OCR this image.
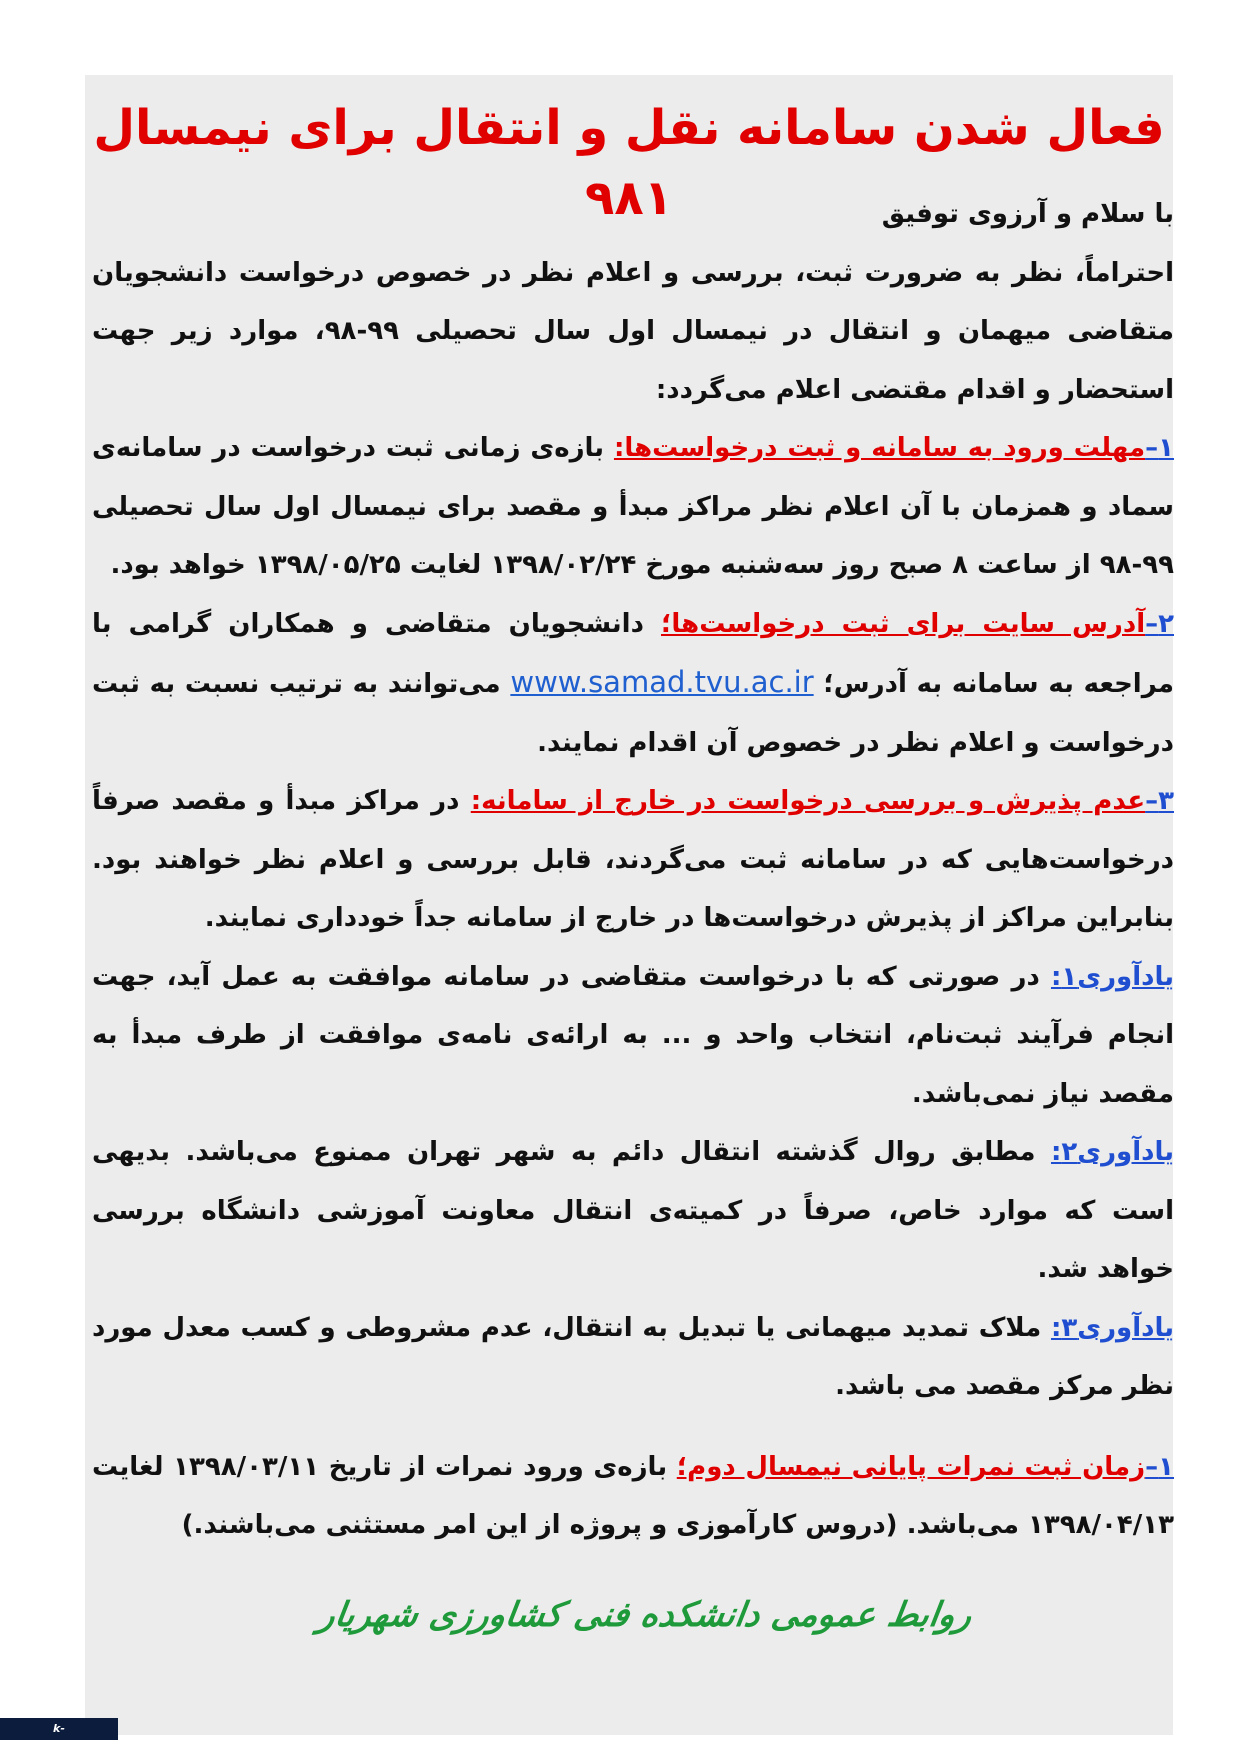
فعال شدن سامانه نقل و انتقال برای نیمسال ۹۸۱	با سلام و آرزوی توفیق

احتراماً، نظر به ضرورت ثبت، بررسی و اعلام نظر در خصوص درخواست دانشجویان متقاضی میهمان و انتقال در نیمسال اول سال تحصیلی ۹۹-۹۸، موارد زیر جهت استحضار و اقدام مقتضی اعلام می‌گردد:

۱–مهلت ورود به سامانه و ثبت درخواست‌ها: بازه‌ی زمانی ثبت درخواست در سامانه‌ی سماد و همزمان با آن اعلام نظر مراکز مبدأ و مقصد برای نیمسال اول سال تحصیلی ۹۹-۹۸ از ساعت ۸ صبح روز سه‌شنبه مورخ ۱۳۹۸/۰۲/۲۴ لغایت ۱۳۹۸/۰۵/۲۵ خواهد بود.

۲–آدرس سایت برای ثبت درخواست‌ها؛ دانشجویان متقاضی و همکاران گرامی با مراجعه به سامانه به آدرس؛ www.samad.tvu.ac.ir می‌توانند به ترتیب نسبت به ثبت درخواست و اعلام نظر در خصوص آن اقدام نمایند.

۳–عدم پذیرش و بررسی درخواست در خارج از سامانه: در مراکز مبدأ و مقصد صرفاً درخواست‌هایی که در سامانه ثبت می‌گردند، قابل بررسی و اعلام نظر خواهند بود. بنابراین مراکز از پذیرش درخواست‌ها در خارج از سامانه جداً خودداری نمایند.

یادآوری۱: در صورتی که با درخواست متقاضی در سامانه موافقت به عمل آید، جهت انجام فرآیند ثبت‌نام، انتخاب واحد و ... به ارائه‌ی نامه‌ی موافقت از طرف مبدأ به مقصد نیاز نمی‌باشد.

یادآوری۲: مطابق روال گذشته انتقال دائم به شهر تهران ممنوع می‌باشد. بدیهی است که موارد خاص، صرفاً در کمیته‌ی انتقال معاونت آموزشی دانشگاه بررسی خواهد شد.

یادآوری۳: ملاک تمدید میهمانی یا تبدیل به انتقال، عدم مشروطی و کسب معدل مورد نظر مرکز مقصد می باشد.

۱–زمان ثبت نمرات پایانی نیمسال دوم؛ بازه‌ی ورود نمرات از تاریخ ۱۳۹۸/۰۳/۱۱ لغایت ۱۳۹۸/۰۴/۱۳ می‌باشد. (دروس کارآموزی و پروژه از این امر مستثنی می‌باشند.)

روابط عمومی دانشکده فنی کشاورزی شهریار
k-shahryar.tvu.ac.ir
